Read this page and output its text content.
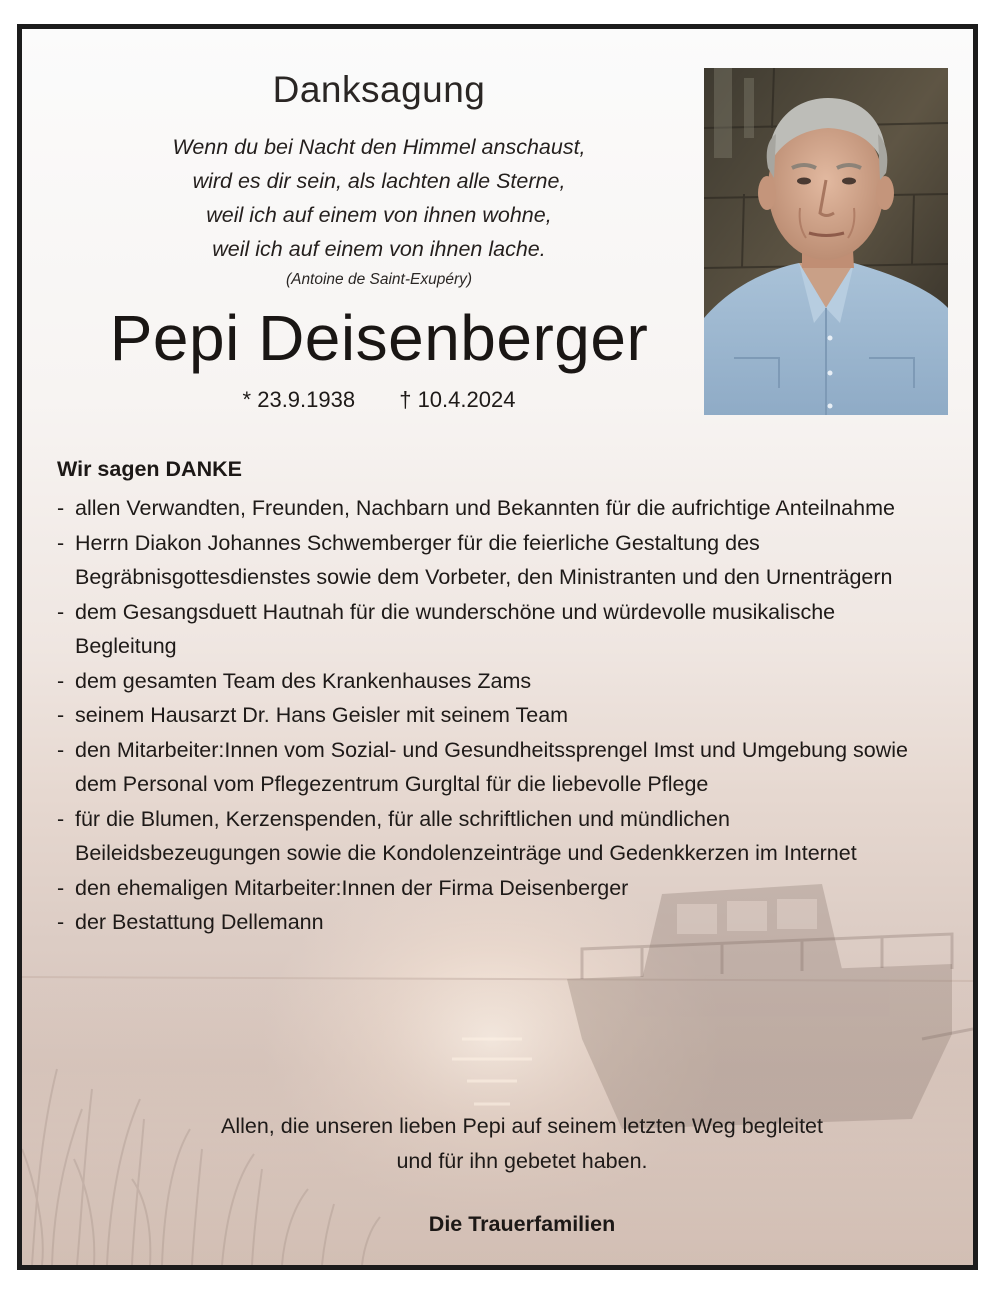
Danksagung
Wenn du bei Nacht den Himmel anschaust,
wird es dir sein, als lachten alle Sterne,
weil ich auf einem von ihnen wohne,
weil ich auf einem von ihnen lache.
(Antoine de Saint-Exupéry)
Pepi Deisenberger
* 23.9.1938 † 10.4.2024
Wir sagen DANKE
- allen Verwandten, Freunden, Nachbarn und Bekannten für die aufrichtige Anteilnahme
- Herrn Diakon Johannes Schwemberger für die feierliche Gestaltung des Begräbnisgottesdienstes sowie dem Vorbeter, den Ministranten und den Urnenträgern
- dem Gesangsduett Hautnah für die wunderschöne und würdevolle musikalische Begleitung
- dem gesamten Team des Krankenhauses Zams
- seinem Hausarzt Dr. Hans Geisler mit seinem Team
- den Mitarbeiter:Innen vom Sozial- und Gesundheitssprengel Imst und Umgebung sowie dem Personal vom Pflegezentrum Gurgltal für die liebevolle Pflege
- für die Blumen, Kerzenspenden, für alle schriftlichen und mündlichen Beileidsbezeugungen sowie die Kondolenzeinträge und Gedenkkerzen im Internet
- den ehemaligen Mitarbeiter:Innen der Firma Deisenberger
- der Bestattung Dellemann
Allen, die unseren lieben Pepi auf seinem letzten Weg begleitet
und für ihn gebetet haben.
Die Trauerfamilien
